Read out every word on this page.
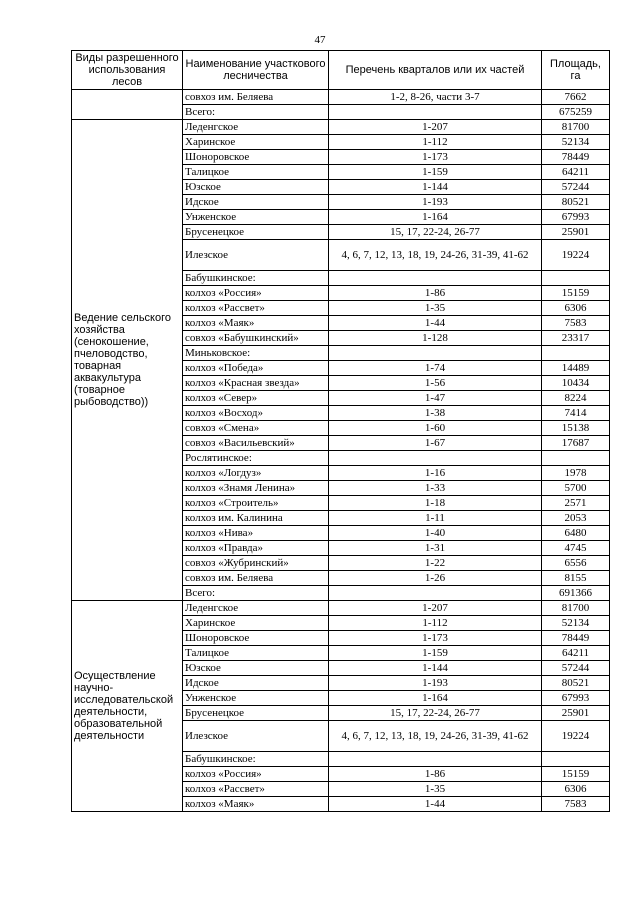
47
Виды разрешенного использования лесов	Наименование участкового лесничества	Перечень кварталов или их частей	Площадь, га
	совхоз им. Беляева	1-2, 8-26, части 3-7	7662
	Всего:		675259
Ведение сельского хозяйства (сенокошение, пчеловодство, товарная аквакультура (товарное рыбоводство))	Леденгское	1-207	81700
	Харинское	1-112	52134
	Шоноровское	1-173	78449
	Талицкое	1-159	64211
	Юзское	1-144	57244
	Идское	1-193	80521
	Унженское	1-164	67993
	Брусенецкое	15, 17, 22-24, 26-77	25901
	Илезское	4, 6, 7, 12, 13, 18, 19, 24-26, 31-39, 41-62	19224
	Бабушкинское:		
	колхоз «Россия»	1-86	15159
	колхоз «Рассвет»	1-35	6306
	колхоз «Маяк»	1-44	7583
	совхоз «Бабушкинский»	1-128	23317
	Миньковское:		
	колхоз «Победа»	1-74	14489
	колхоз «Красная звезда»	1-56	10434
	колхоз «Север»	1-47	8224
	колхоз «Восход»	1-38	7414
	совхоз «Смена»	1-60	15138
	совхоз «Васильевский»	1-67	17687
	Рослятинское:		
	колхоз «Логдуз»	1-16	1978
	колхоз «Знамя Ленина»	1-33	5700
	колхоз «Строитель»	1-18	2571
	колхоз им. Калинина	1-11	2053
	колхоз «Нива»	1-40	6480
	колхоз «Правда»	1-31	4745
	совхоз «Жубринский»	1-22	6556
	совхоз им. Беляева	1-26	8155
	Всего:		691366
Осуществление научно-исследовательской деятельности, образовательной деятельности	Леденгское	1-207	81700
	Харинское	1-112	52134
	Шоноровское	1-173	78449
	Талицкое	1-159	64211
	Юзское	1-144	57244
	Идское	1-193	80521
	Унженское	1-164	67993
	Брусенецкое	15, 17, 22-24, 26-77	25901
	Илезское	4, 6, 7, 12, 13, 18, 19, 24-26, 31-39, 41-62	19224
	Бабушкинское:		
	колхоз «Россия»	1-86	15159
	колхоз «Рассвет»	1-35	6306
	колхоз «Маяк»	1-44	7583
